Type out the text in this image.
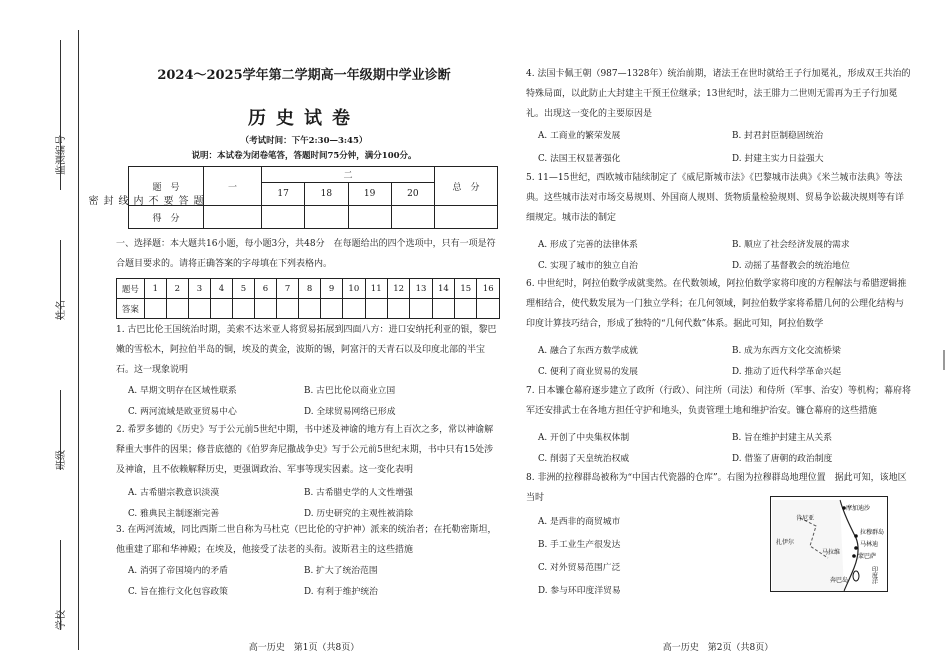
监测编号
姓名
班级
学校
题
答
要
不
内
线
封
密
2024～2025学年第二学期高一年级期中学业诊断
历史试卷
（考试时间：下午2:30—3:45）
说明：本试卷为闭卷笔答，答题时间75分钟，满分100分。
题　号	一	二				总　分
		17	18	19	20	
得　分						
一、选择题：本大题共16小题，每小题3分，共48分　在每题给出的四个选项中，只有一项是符合题目要求的。请将正确答案的字母填在下列表格内。
题号	1	2	3	4	5	6	7	8	9	10	11	12	13	14	15	16
答案																
1. 古巴比伦王国统治时期，美索不达米亚人将贸易拓展到四面八方：进口安纳托利亚的银，黎巴嫩的雪松木，阿拉伯半岛的铜，埃及的黄金，波斯的锡，阿富汗的天青石以及印度北部的半宝石。这一现象说明
A. 早期文明存在区域性联系	B. 古巴比伦以商业立国
C. 两河流域是欧亚贸易中心	D. 全球贸易网络已形成
2. 希罗多德的《历史》写于公元前5世纪中期，书中述及神谕的地方有上百次之多，常以神谕解释重大事件的因果；修昔底德的《伯罗奔尼撒战争史》写于公元前5世纪末期，书中只有15处涉及神谕，且不依赖解释历史，更强调政治、军事等现实因素。这一变化表明
A. 古希腊宗教意识淡漠	B. 古希腊史学的人文性增强
C. 雅典民主制逐渐完善	D. 历史研究的主观性被消除
3. 在两河流域，同比西斯二世自称为马杜克（巴比伦的守护神）派来的统治者；在托勒密斯坦，他重建了耶和华神殿；在埃及，他接受了法老的头衔。波斯君主的这些措施
A. 消弭了帝国境内的矛盾	B. 扩大了统治范围
C. 旨在推行文化包容政策	D. 有利于维护统治
高一历史　第1页（共8页）
4. 法国卡佩王朝（987—1328年）统治前期，诸法王在世时就给王子行加冕礼，形成双王共治的特殊局面，以此防止大封建主干预王位继承；13世纪时，法王腓力二世则无需再为王子行加冕礼。出现这一变化的主要原因是
A. 工商业的繁荣发展	B. 封君封臣制稳固统治
C. 法国王权显著强化	D. 封建主实力日益强大
5. 11—15世纪，西欧城市陆续制定了《威尼斯城市法》《巴黎城市法典》《米兰城市法典》等法典。这些城市法对市场交易规则、外国商人规则、货物质量检验规则、贸易争讼裁决规则等有详细规定。城市法的制定
A. 形成了完善的法律体系	B. 顺应了社会经济发展的需求
C. 实现了城市的独立自治	D. 动摇了基督教会的统治地位
6. 中世纪时，阿拉伯数学成就斐然。在代数领域，阿拉伯数学家将印度的方程解法与希腊逻辑推理相结合，使代数发展为一门独立学科；在几何领域，阿拉伯数学家将希腊几何的公理化结构与印度计算技巧结合，形成了独特的“几何代数”体系。据此可知，阿拉伯数学
A. 融合了东西方数学成就	B. 成为东西方文化交流桥梁
C. 便利了商业贸易的发展	D. 推动了近代科学革命兴起
7. 日本镰仓幕府逐步建立了政所（行政）、问注所（司法）和侍所（军事、治安）等机构；幕府将军还安排武士在各地方担任守护和地头，负责管理土地和维护治安。镰仓幕府的这些措施
A. 开创了中央集权体制	B. 旨在维护封建主从关系
C. 削弱了天皇统治权威	D. 借鉴了唐朝的政治制度
8. 非洲的拉穆群岛被称为“中国古代瓷器的仓库”。右图为拉穆群岛地理位置　据此可知，该地区当时
A. 是西非的商贸城市
B. 手工业生产很发达
C. 对外贸易范围广泛
D. 参与环印度洋贸易
摩加迪沙
肯尼亚
拉穆群岛
马林迪
蒙巴萨
马拉维
扎伊尔
奔巴岛	印度洋
高一历史　第2页（共8页）
